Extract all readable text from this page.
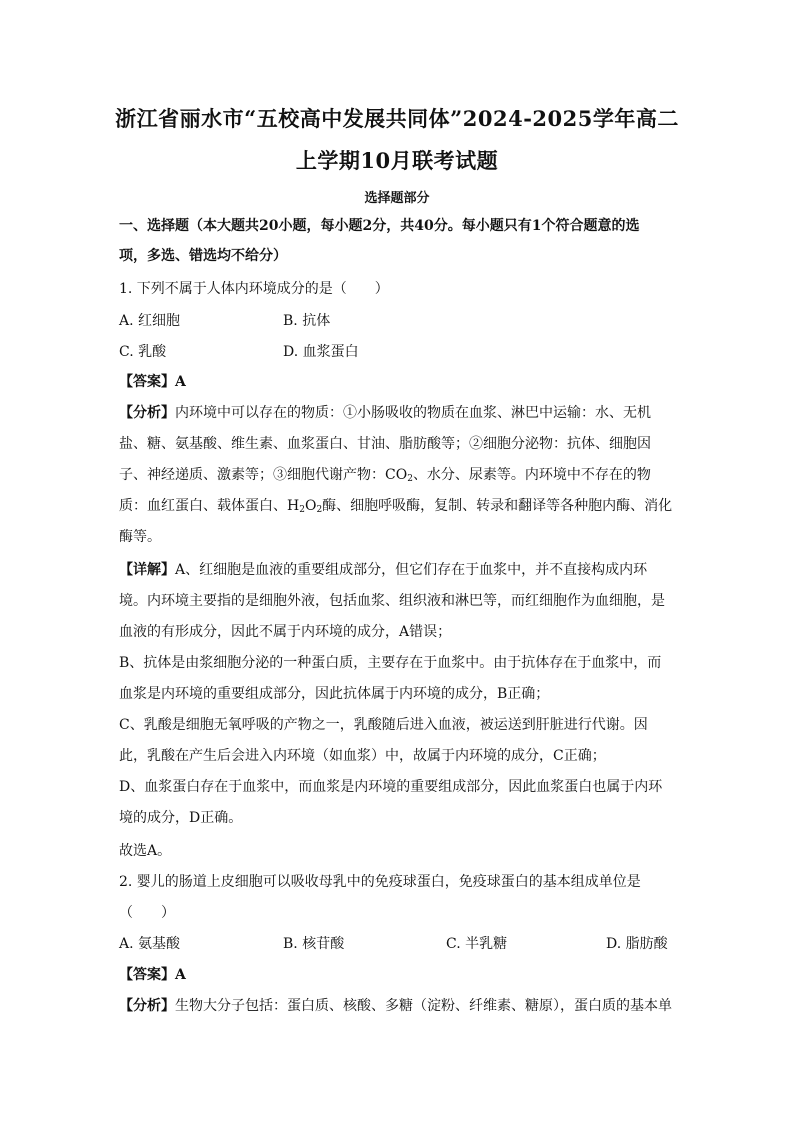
浙江省丽水市“五校高中发展共同体”2024-2025学年高二
上学期10月联考试题
选择题部分
一、选择题（本大题共20小题，每小题2分，共40分。每小题只有1个符合题意的选
项，多选、错选均不给分）
1. 下列不属于人体内环境成分的是（　　）
A. 红细胞	B. 抗体
C. 乳酸	D. 血浆蛋白
【答案】A
【分析】内环境中可以存在的物质：①小肠吸收的物质在血浆、淋巴中运输：水、无机
盐、糖、氨基酸、维生素、血浆蛋白、甘油、脂肪酸等；②细胞分泌物：抗体、细胞因
子、神经递质、激素等；③细胞代谢产物：$CO_2$、水分、尿素等。内环境中不存在的物
质：血红蛋白、载体蛋白、$H_2O_2$酶、细胞呼吸酶，复制、转录和翻译等各种胞内酶、消化
酶等。
【详解】A、红细胞是血液的重要组成部分，但它们存在于血浆中，并不直接构成内环
境。内环境主要指的是细胞外液，包括血浆、组织液和淋巴等，而红细胞作为血细胞，是
血液的有形成分，因此不属于内环境的成分，A错误；
B、抗体是由浆细胞分泌的一种蛋白质，主要存在于血浆中。由于抗体存在于血浆中，而
血浆是内环境的重要组成部分，因此抗体属于内环境的成分，B正确；
C、乳酸是细胞无氧呼吸的产物之一，乳酸随后进入血液，被运送到肝脏进行代谢。因
此，乳酸在产生后会进入内环境（如血浆）中，故属于内环境的成分，C正确；
D、血浆蛋白存在于血浆中，而血浆是内环境的重要组成部分，因此血浆蛋白也属于内环
境的成分，D正确。
故选A。
2. 婴儿的肠道上皮细胞可以吸收母乳中的免疫球蛋白，免疫球蛋白的基本组成单位是
（　　）
A. 氨基酸	B. 核苷酸	C. 半乳糖	D. 脂肪酸
【答案】A
【分析】生物大分子包括：蛋白质、核酸、多糖（淀粉、纤维素、糖原），蛋白质的基本单
